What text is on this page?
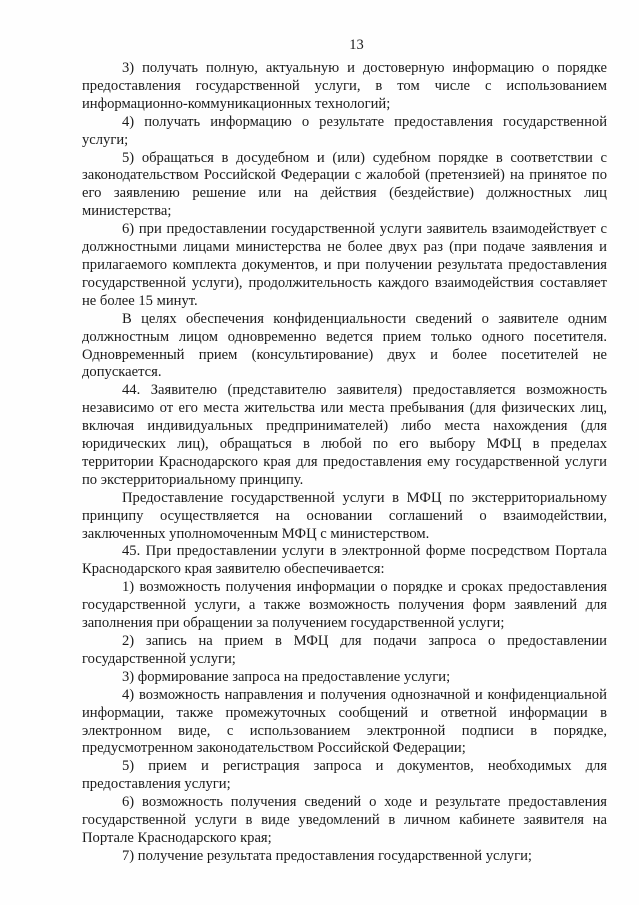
13

3) получать полную, актуальную и достоверную информацию о порядке предоставления государственной услуги, в том числе с использованием информационно-коммуникационных технологий;

4) получать информацию о результате предоставления государственной услуги;

5) обращаться в досудебном и (или) судебном порядке в соответствии с законодательством Российской Федерации с жалобой (претензией) на принятое по его заявлению решение или на действия (бездействие) должностных лиц министерства;

6) при предоставлении государственной услуги заявитель взаимодействует с должностными лицами министерства не более двух раз (при подаче заявления и прилагаемого комплекта документов, и при получении результата предоставления государственной услуги), продолжительность каждого взаимодействия составляет не более 15 минут.

В целях обеспечения конфиденциальности сведений о заявителе одним должностным лицом одновременно ведется прием только одного посетителя. Одновременный прием (консультирование) двух и более посетителей не допускается.

44. Заявителю (представителю заявителя) предоставляется возможность независимо от его места жительства или места пребывания (для физических лиц, включая индивидуальных предпринимателей) либо места нахождения (для юридических лиц), обращаться в любой по его выбору МФЦ в пределах территории Краснодарского края для предоставления ему государственной услуги по экстерриториальному принципу.

Предоставление государственной услуги в МФЦ по экстерриториальному принципу осуществляется на основании соглашений о взаимодействии, заключенных уполномоченным МФЦ с министерством.

45. При предоставлении услуги в электронной форме посредством Портала Краснодарского края заявителю обеспечивается:

1) возможность получения информации о порядке и сроках предоставления государственной услуги, а также возможность получения форм заявлений для заполнения при обращении за получением государственной услуги;

2) запись на прием в МФЦ для подачи запроса о предоставлении государственной услуги;

3) формирование запроса на предоставление услуги;

4) возможность направления и получения однозначной и конфиденциальной информации, также промежуточных сообщений и ответной информации в электронном виде, с использованием электронной подписи в порядке, предусмотренном законодательством Российской Федерации;

5) прием и регистрация запроса и документов, необходимых для предоставления услуги;

6) возможность получения сведений о ходе и результате предоставления государственной услуги в виде уведомлений в личном кабинете заявителя на Портале Краснодарского края;

7) получение результата предоставления государственной услуги;
